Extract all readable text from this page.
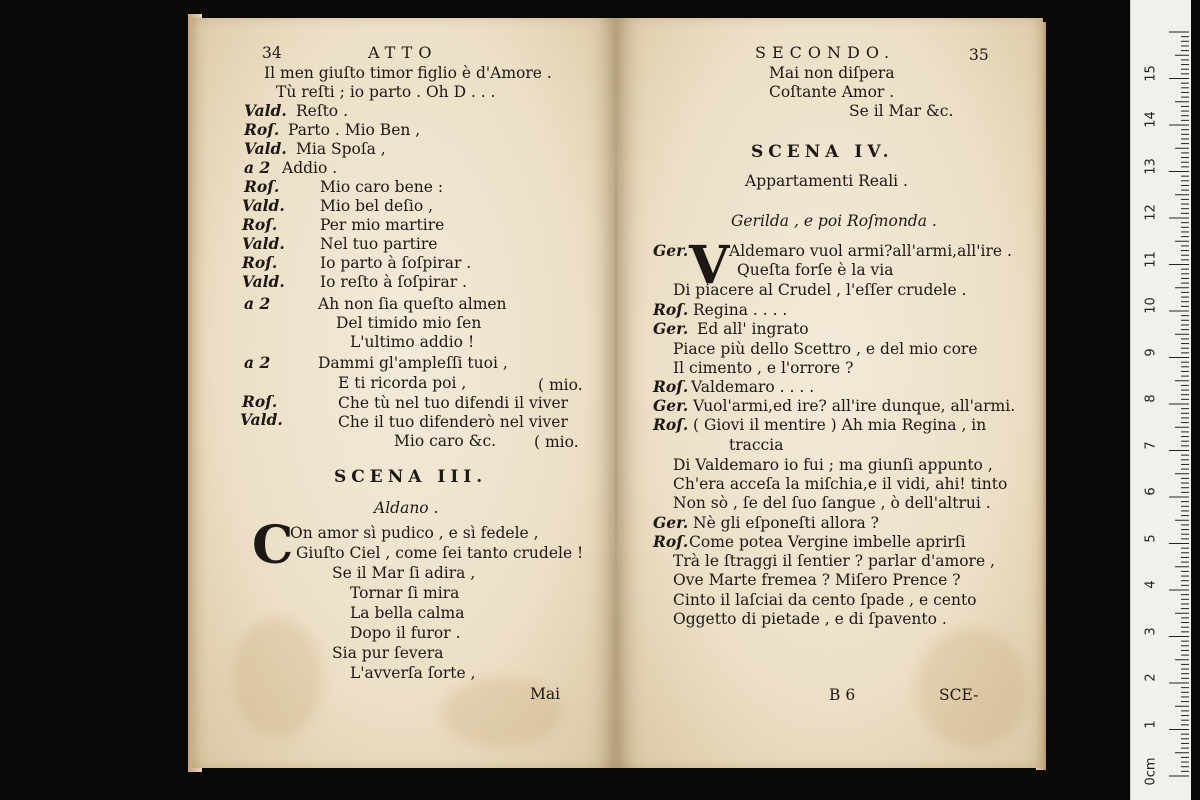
34	ATTO
Il men giuſto timor figlio è d'Amore .
Tù reſti ; io parto . Oh D . . .
Vald. Reſto .
Roſ. Parto . Mio Ben ,
Vald. Mia Spoſa ,
a 2 Addio .
Roſ.	Mio caro bene :
Vald. Mio bel deſio ,
Roſ.	Per mio martire
Vald. Nel tuo partire
Roſ.	Io parto à ſoſpirar .
Vald. Io reſto à ſoſpirar .
a 2	Ah non ſia queſto almen
Del timido mio ſen
L'ultimo addio !
a 2	Dammi gl'ampleſſi tuoi ,
E ti ricorda poi ,	( mio.
Roſ.	Che tù nel tuo difendi il viver
Vald.	Che il tuo difenderò nel viver
Mio caro &c. ( mio.
SCENA III.
Aldano .
C
On amor sì pudico , e sì fedele ,
Giuſto Ciel , come ſei tanto crudele !
Se il Mar ſi adira ,
Tornar ſi mira
La bella calma
Dopo il furor .
Sia pur ſevera
L'avverſa ſorte ,
Mai
SECONDO.	35
Mai non diſpera
Coſtante Amor .
Se il Mar &c.
SCENA IV.
Appartamenti Reali .
Gerilda , e poi Roſmonda .
V
Ger.	Aldemaro vuol armi?all'armi,all'ire .
Queſta forſe è la via
Di piacere al Crudel , l'eſſer crudele .
Roſ. Regina . . . .
Ger. Ed all' ingrato
Piace più dello Scettro , e del mio core
Il cimento , e l'orrore ?
Roſ. Valdemaro . . . .
Ger. Vuol'armi,ed ire? all'ire dunque, all'armi.
Roſ. ( Giovi il mentire ) Ah mia Regina , in
traccia
Di Valdemaro io fui ; ma giunſi appunto ,
Ch'era acceſa la miſchia,e il vidi, ahi! tinto
Non sò , ſe del ſuo ſangue , ò dell'altrui .
Ger. Nè gli eſponeſti allora ?
Roſ. Come potea Vergine imbelle aprirſi
Trà le ſtraggi il ſentier ? parlar d'amore ,
Ove Marte fremea ? Miſero Prence ?
Cinto il laſciai da cento ſpade , e cento
Oggetto di pietade , e di ſpavento .
B 6	SCE-
0cm
1
2
3
4
5
6
7
8
9
10
11
12
13
14
15
